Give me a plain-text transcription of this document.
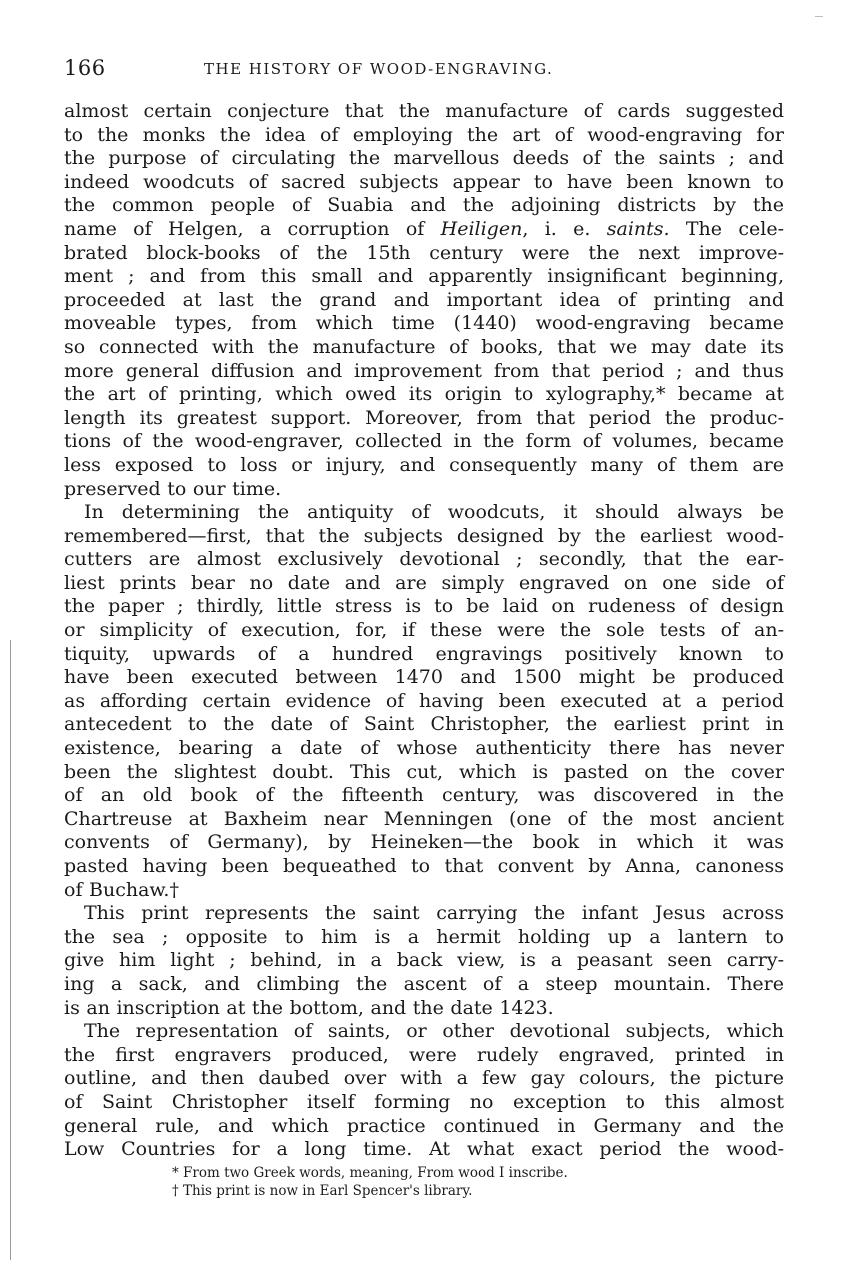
166	THE HISTORY OF WOOD-ENGRAVING.
almost certain conjecture that the manufacture of cards suggested
to the monks the idea of employing the art of wood-engraving for
the purpose of circulating the marvellous deeds of the saints ; and
indeed woodcuts of sacred subjects appear to have been known to
the common people of Suabia and the adjoining districts by the
name of Helgen, a corruption of Heiligen, i. e. saints. The cele-
brated block-books of the 15th century were the next improve-
ment ; and from this small and apparently insignificant beginning,
proceeded at last the grand and important idea of printing and
moveable types, from which time (1440) wood-engraving became
so connected with the manufacture of books, that we may date its
more general diffusion and improvement from that period ; and thus
the art of printing, which owed its origin to xylography,* became at
length its greatest support. Moreover, from that period the produc-
tions of the wood-engraver, collected in the form of volumes, became
less exposed to loss or injury, and consequently many of them are
preserved to our time.
In determining the antiquity of woodcuts, it should always be
remembered—first, that the subjects designed by the earliest wood-
cutters are almost exclusively devotional ; secondly, that the ear-
liest prints bear no date and are simply engraved on one side of
the paper ; thirdly, little stress is to be laid on rudeness of design
or simplicity of execution, for, if these were the sole tests of an-
tiquity, upwards of a hundred engravings positively known to
have been executed between 1470 and 1500 might be produced
as affording certain evidence of having been executed at a period
antecedent to the date of Saint Christopher, the earliest print in
existence, bearing a date of whose authenticity there has never
been the slightest doubt. This cut, which is pasted on the cover
of an old book of the fifteenth century, was discovered in the
Chartreuse at Baxheim near Menningen (one of the most ancient
convents of Germany), by Heineken—the book in which it was
pasted having been bequeathed to that convent by Anna, canoness
of Buchaw.†
This print represents the saint carrying the infant Jesus across
the sea ; opposite to him is a hermit holding up a lantern to
give him light ; behind, in a back view, is a peasant seen carry-
ing a sack, and climbing the ascent of a steep mountain. There
is an inscription at the bottom, and the date 1423.
The representation of saints, or other devotional subjects, which
the first engravers produced, were rudely engraved, printed in
outline, and then daubed over with a few gay colours, the picture
of Saint Christopher itself forming no exception to this almost
general rule, and which practice continued in Germany and the
Low Countries for a long time. At what exact period the wood-
* From two Greek words, meaning, From wood I inscribe.
† This print is now in Earl Spencer's library.
